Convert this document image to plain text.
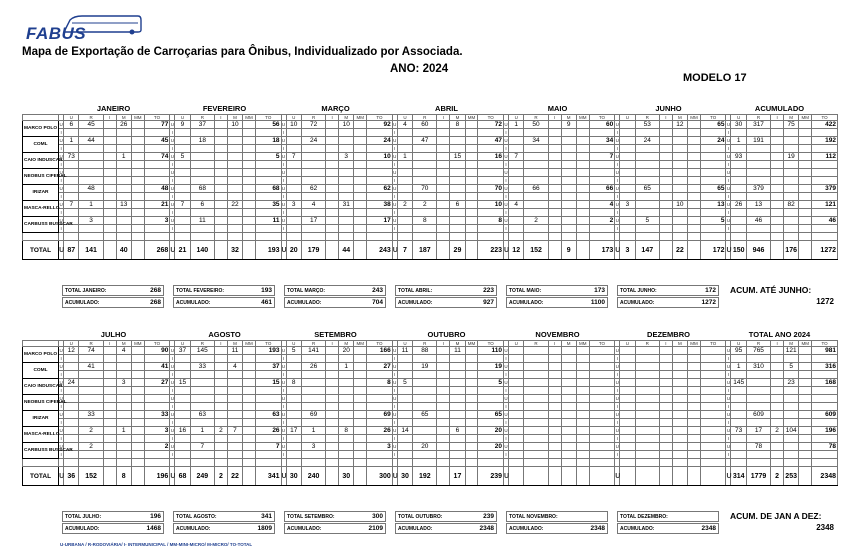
FABUS
Mapa de Exportação de Carroçarias para Ônibus, Individualizado por Associada.
ANO: 2024
MODELO 17
JANEIRO	FEVEREIRO	MARÇO	ABRIL	MAIO	JUNHO	ACUMULADO
		U	R	I	M	MM	TO		U	R	I	M	MM	TO		U	R	I	M	MM	TO		U	R	I	M	MM	TO		U	R	I	M	MM	TO		U	R	I	M	MM	TO		U	R	I	M	MM	TO
MARCO POLO	U	6	45		26		77	U	9	37		10		56	U	10	72		10		92	U	4	60		8		72	U	1	50		9		60	U		53		12		65	U	30	317		75		422
	I							I							I							I							I							I							I						
COML	U	1	44				45	U		18				18	U		24				24	U		47				47	U		34				34	U		24				24	U	1	191				192
	I							I							I							I							I							I							I						
CAIO INDUSCAR	U	73			1		74	U	5					5	U	7			3		10	U	1			15		16	U	7					7	U							U	93			19		112
	I							I							I							I							I							I							I						
NEOBUS CIFERAL	U							U							U							U							U							U							U						
	I							I							I							I							I							I							I						
IRIZAR	U		48				48	U		68				68	U		62				62	U		70				70	U		66				66	U		65				65	U		379				379
	I							I							I							I							I							I							I						
MASCA-RELLO	U	7	1		13		21	U	7	6		22		35	U	3	4		31		38	U	2	2		6		10	U	4					4	U	3			10		13	U	26	13		82		121
	I							I							I							I							I							I							I						
CARBUSS BUSSCAR	U		3				3	U		11				11	U		17				17	U		8				8	U		2				2	U		5				5	U		46				46
	I							I							I							I							I							I							I						

TOTAL	U	87	141		40		268	U	21	140		32		193	U	20	179		44		243	U	7	187		29		223	U	12	152		9		173	U	3	147		22		172	U	150	946		176		1272
TOTAL JANEIRO:	268
ACUMULADO:	268
TOTAL FEVEREIRO:	193
ACUMULADO:	461
TOTAL MARÇO:	243
ACUMULADO:	704
TOTAL ABRIL:	223
ACUMULADO:	927
TOTAL MAIO:	173
ACUMULADO:	1100
TOTAL JUNHO:	172
ACUMULADO:	1272
ACUM. ATÉ JUNHO:
1272
JULHO	AGOSTO	SETEMBRO	OUTUBRO	NOVEMBRO	DEZEMBRO	TOTAL ANO 2024
		U	R	I	M	MM	TO		U	R	I	M	MM	TO		U	R	I	M	MM	TO		U	R	I	M	MM	TO		U	R	I	M	MM	TO		U	R	I	M	MM	TO		U	R	I	M	MM	TO
MARCO POLO	U	12	74		4		90	U	37	145		11		193	U	5	141		20		166	U	11	88		11		110	U							U							U	95	765		121		981
	I							I							I							I							I							I							I						
COML	U		41				41	U		33		4		37	U		26		1		27	U		19				19	U							U							U	1	310		5		316
	I							I							I							I							I							I							I						
CAIO INDUSCAR	U	24			3		27	U	15					15	U	8					8	U	5					5	U							U							U	145			23		168
	I							I							I							I							I							I							I						
NEOBUS CIFERAL	U							U							U							U							U							U							U						
	I							I							I							I							I							I							I						
IRIZAR	U		33				33	U		63				63	U		69				69	U		65				65	U							U							U		609				609
	I							I							I							I							I							I							I						
MASCA-RELLO	U		2		1		3	U	16	1	2	7		26	U	17	1		8		26	U	14			6		20	U							U							U	73	17	2	104		196
	I							I							I							I							I							I							I						
CARBUSS BUSSCAR	U		2				2	U		7				7	U		3				3	U		20				20	U							U							U		78				78
	I							I							I							I							I							I							I						

TOTAL	U	36	152		8		196	U	68	249	2	22		341	U	30	240		30		300	U	30	192		17		239	U							U							U	314	1779	2	253		2348
TOTAL JULHO:	196
ACUMULADO:	1468
TOTAL AGOSTO:	341
ACUMULADO:	1809
TOTAL SETEMBRO:	300
ACUMULADO:	2109
TOTAL OUTUBRO:	239
ACUMULADO:	2348
TOTAL NOVEMBRO:
ACUMULADO:	2348
TOTAL DEZEMBRO:
ACUMULADO:	2348
ACUM. DE JAN A DEZ:
2348
U-URBANA / R-RODOVIÁRIA/ I- INTERMUNICIPAL / MM-MINI-MICRO/ M-MICRO/ TO-TOTAL
